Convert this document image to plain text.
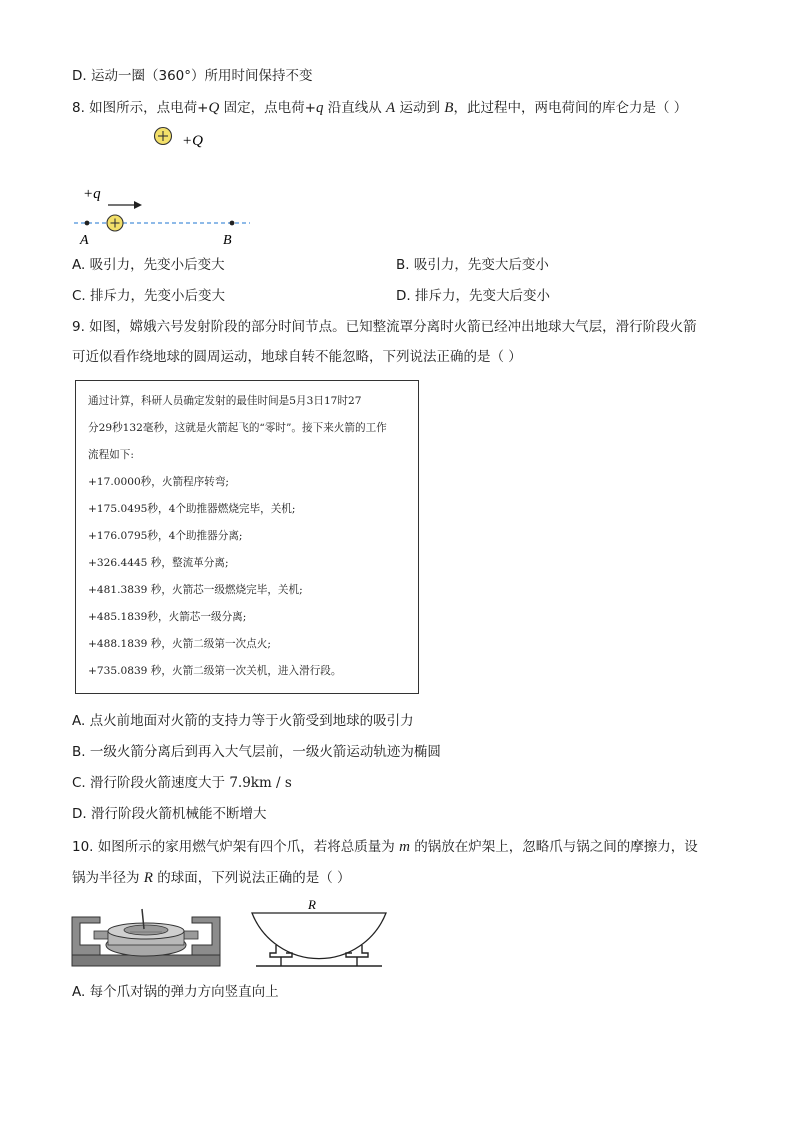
D. 运动一圈（360°）所用时间保持不变
8. 如图所示，点电荷+Q 固定，点电荷+q 沿直线从 A 运动到 B，此过程中，两电荷间的库仑力是（ ）
+Q
+q
A	B
A. 吸引力，先变小后变大	B. 吸引力，先变大后变小
C. 排斥力，先变小后变大	D. 排斥力，先变大后变小
9. 如图，嫦娥六号发射阶段的部分时间节点。已知整流罩分离时火箭已经冲出地球大气层，滑行阶段火箭
可近似看作绕地球的圆周运动，地球自转不能忽略，下列说法正确的是（ ）
通过计算，科研人员确定发射的最佳时间是5月3日17时27
分29秒132毫秒，这就是火箭起飞的“零时”。接下来火箭的工作
流程如下:
+17.0000秒，火箭程序转弯;
+175.0495秒，4个助推器燃烧完毕，关机;
+176.0795秒，4个助推器分离;
+326.4445 秒，整流革分离;
+481.3839 秒，火箭芯一级燃烧完毕，关机;
+485.1839秒，火箭芯一级分离;
+488.1839 秒，火箭二级第一次点火;
+735.0839 秒，火箭二级第一次关机，进入滑行段。
A. 点火前地面对火箭的支持力等于火箭受到地球的吸引力
B. 一级火箭分离后到再入大气层前，一级火箭运动轨迹为椭圆
C. 滑行阶段火箭速度大于 7.9km / s
D. 滑行阶段火箭机械能不断增大
10. 如图所示的家用燃气炉架有四个爪，若将总质量为 m 的锅放在炉架上，忽略爪与锅之间的摩擦力，设
锅为半径为 R 的球面，下列说法正确的是（ ）
R
A. 每个爪对锅的弹力方向竖直向上
